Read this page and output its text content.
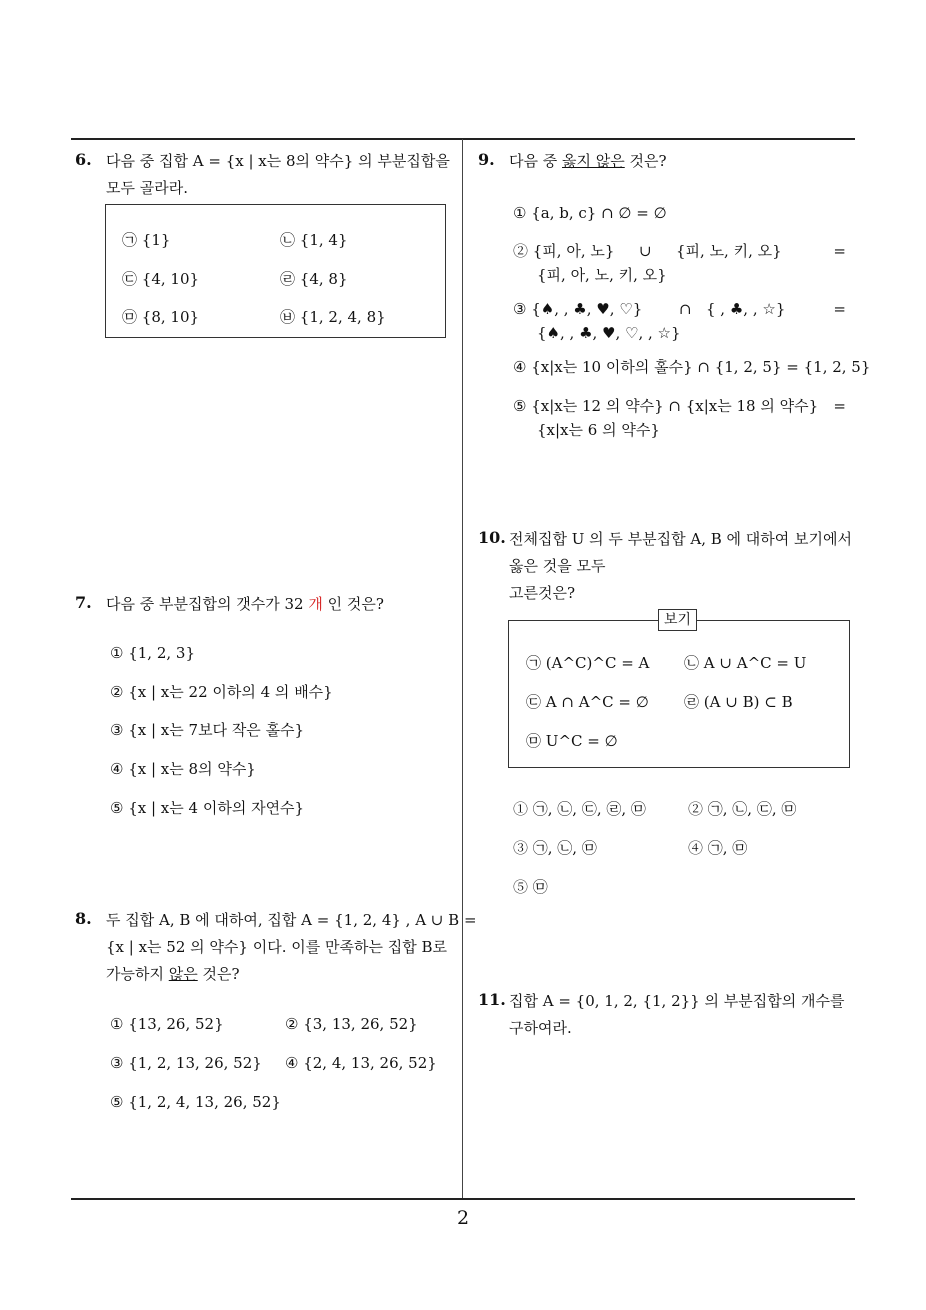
6. 다음 중 집합 A = {x | x는 8의 약수} 의 부분집합을
모두 골라라.
㉠ {1}	㉡ {1, 4}
㉢ {4, 10}	㉣ {4, 8}
㉤ {8, 10}	㉥ {1, 2, 4, 8}
7. 다음 중 부분집합의 갯수가 32 개 인 것은?
① {1, 2, 3}
② {x | x는 22 이하의 4 의 배수}
③ {x | x는 7보다 작은 홀수}
④ {x | x는 8의 약수}
⑤ {x | x는 4 이하의 자연수}
8. 두 집합 A, B 에 대하여, 집합 A = {1, 2, 4} , A ∪ B =
{x | x는 52 의 약수} 이다. 이를 만족하는 집합 B로
가능하지 않은 것은?
① {13, 26, 52}	② {3, 13, 26, 52}
③ {1, 2, 13, 26, 52} ④ {2, 4, 13, 26, 52}
⑤ {1, 2, 4, 13, 26, 52}
9. 다음 중 옳지 않은 것은?
① {a, b, c} ∩ ∅ = ∅
② {피, 아, 노} ∪ {피, 노, 키, 오}	=
{피, 아, 노, 키, 오}
③ {♠, , ♣, ♥, ♡} ∩ { , ♣, , ☆}	=
{♠, , ♣, ♥, ♡, , ☆}
④ {x|x는 10 이하의 홀수} ∩ {1, 2, 5} = {1, 2, 5}
⑤ {x|x는 12 의 약수} ∩ {x|x는 18 의 약수} =
{x|x는 6 의 약수}
10. 전체집합 U 의 두 부분집합 A, B 에 대하여 보기에서
옳은 것을 모두
고른것은?
보기
㉠ (A^C)^C = A ㉡ A ∪ A^C = U
㉢ A ∩ A^C = ∅ ㉣ (A ∪ B) ⊂ B
㉤ U^C = ∅
① ㉠, ㉡, ㉢, ㉣, ㉤	② ㉠, ㉡, ㉢, ㉤
③ ㉠, ㉡, ㉤	④ ㉠, ㉤
⑤ ㉤
11. 집합 A = {0, 1, 2, {1, 2}} 의 부분집합의 개수를
구하여라.
2
